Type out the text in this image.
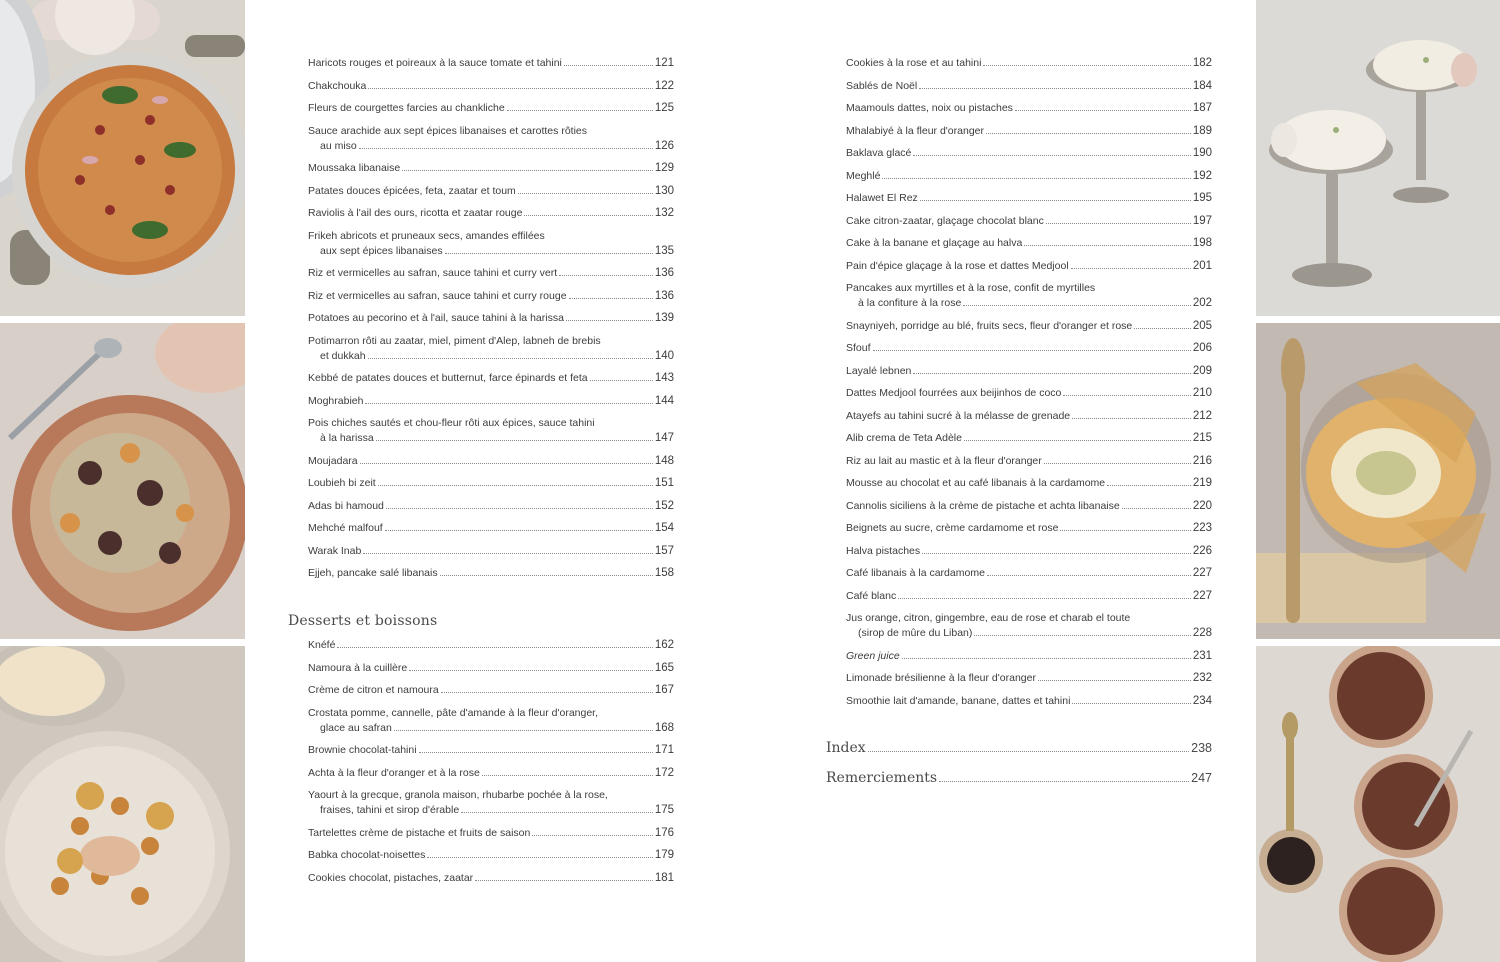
Haricots rouges et poireaux à la sauce tomate et tahini	121
Chakchouka	122
Fleurs de courgettes farcies au chankliche	125
Sauce arachide aux sept épices libanaises et carottes rôties
au miso	126
Moussaka libanaise	129
Patates douces épicées, feta, zaatar et toum	130
Raviolis à l'ail des ours, ricotta et zaatar rouge	132
Frikeh abricots et pruneaux secs, amandes effilées
aux sept épices libanaises	135
Riz et vermicelles au safran, sauce tahini et curry vert	136
Riz et vermicelles au safran, sauce tahini et curry rouge	136
Potatoes au pecorino et à l'ail, sauce tahini à la harissa	139
Potimarron rôti au zaatar, miel, piment d'Alep, labneh de brebis
et dukkah	140
Kebbé de patates douces et butternut, farce épinards et feta	143
Moghrabieh	144
Pois chiches sautés et chou-fleur rôti aux épices, sauce tahini
à la harissa	147
Moujadara	148
Loubieh bi zeit	151
Adas bi hamoud	152
Mehché malfouf	154
Warak Inab	157
Ejjeh, pancake salé libanais	158
Desserts et boissons
Knéfé	162
Namoura à la cuillère	165
Crème de citron et namoura	167
Crostata pomme, cannelle, pâte d'amande à la fleur d'oranger,
glace au safran	168
Brownie chocolat-tahini	171
Achta à la fleur d'oranger et à la rose	172
Yaourt à la grecque, granola maison, rhubarbe pochée à la rose,
fraises, tahini et sirop d'érable	175
Tartelettes crème de pistache et fruits de saison	176
Babka chocolat-noisettes	179
Cookies chocolat, pistaches, zaatar	181
Cookies à la rose et au tahini	182
Sablés de Noël	184
Maamouls dattes, noix ou pistaches	187
Mhalabiyé à la fleur d'oranger	189
Baklava glacé	190
Meghlé	192
Halawet El Rez	195
Cake citron-zaatar, glaçage chocolat blanc	197
Cake à la banane et glaçage au halva	198
Pain d'épice glaçage à la rose et dattes Medjool	201
Pancakes aux myrtilles et à la rose, confit de myrtilles
à la confiture à la rose	202
Snayniyeh, porridge au blé, fruits secs, fleur d'oranger et rose	205
Sfouf	206
Layalé lebnen	209
Dattes Medjool fourrées aux beijinhos de coco	210
Atayefs au tahini sucré à la mélasse de grenade	212
Alib crema de Teta Adèle	215
Riz au lait au mastic et à la fleur d'oranger	216
Mousse au chocolat et au café libanais à la cardamome	219
Cannolis siciliens à la crème de pistache et achta libanaise	220
Beignets au sucre, crème cardamome et rose	223
Halva pistaches	226
Café libanais à la cardamome	227
Café blanc	227
Jus orange, citron, gingembre, eau de rose et charab el toute
(sirop de mûre du Liban)	228
Green juice	231
Limonade brésilienne à la fleur d'oranger	232
Smoothie lait d'amande, banane, dattes et tahini	234
Index	238
Remerciements	247
